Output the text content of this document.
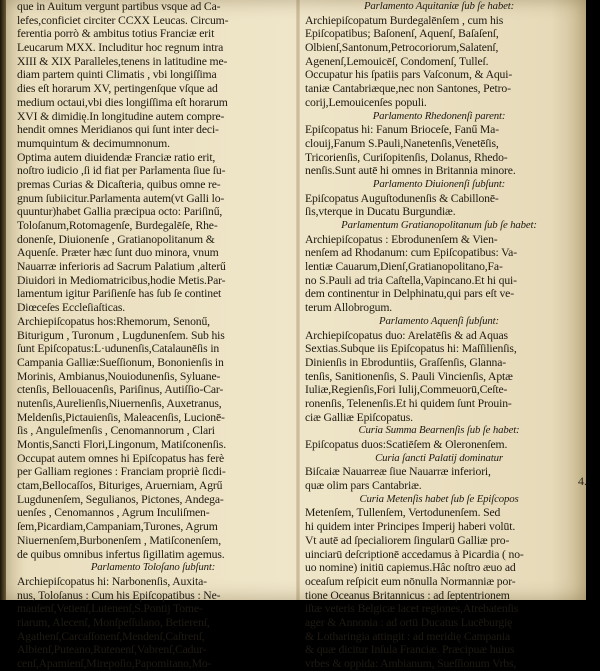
que in Auitum vergunt partibus vsque ad Ca-
lefes,conficiet circiter CCXX Leucas. Circum-
ferentia porrò & ambitus totius Franciæ erit
Leucarum MXX. Includitur hoc regnum intra
XIII & XIX Paralleles,tenens in latitudine me-
diam partem quinti Climatis , vbi longiſſima
dies eſt horarum XV, pertingenſque vſque ad
medium octaui,vbi dies longiſſima eſt horarum
XVI & dimidię.In longitudine autem compre-
hendit omnes Meridianos qui ſunt inter deci-
mumquintum & decimumnonum.
Optima autem diuidendæ Franciæ ratio erit,
noſtro iudicio ,ſi id fiat per Parlamenta ſiue ſu-
premas Curias & Dicaſteria, quibus omne re-
gnum ſubiicitur.Parlamenta autem(vt Galli lo-
quuntur)habet Gallia præcipua octo: Pariſinű,
Toloſanum,Rotomagenſe, Burdegalēſe, Rhe-
donenſe, Diuionenſe , Gratianopolitanum &
Aquenſe. Præter hæc ſunt duo minora, vnum
Nauarræ inferioris ad Sacrum Palatium ,alterű
Diuidori in Mediomatricibus,hodie Metis.Par-
lamentum igitur Pariſienſe has ſub ſe continet
Diœceſes Eccleſiaſticas.
Archiepiſcopatus hos:Rhemorum, Senonű,
Biturigum , Turonum , Lugdunenſem. Sub his
ſunt Epiſcopatus:L·udunenſis,Catalaunēſis in
Campania Galliæ:Sueſſionum, Bononienſis in
Morinis, Ambianus,Nouiodunenſis, Syluane-
ctenſis, Bellouacenſis, Pariſinus, Autiſſio-Car-
nutenſis,Aurelienſis,Niuernenſis, Auxetranus,
Meldenſis,Pictauienſis, Maleacenſis, Lucionē-
ſis , Anguleſmenſis , Cenomannorum , Clari
Montis,Sancti Flori,Lingonum, Matiſconenſis.
Occupat autem omnes hi Epiſcopatus has ferè
per Galliam regiones : Franciam propriè ſicdi-
ctam,Bellocaſſos, Bituriges, Aruerniam, Agrű
Lugdunenſem, Segulianos, Pictones, Andega-
uenſes , Cenomannos , Agrum Inculiſmen-
ſem,Picardiam,Campaniam,Turones, Agrum
Niuernenſem,Burbonenſem , Matiſconenſem,
de quibus omnibus infertus ſigillatim agemus.
Parlamento Toloſano ſubſunt:
Archiepiſcopatus hi: Narbonenſis, Auxita-
nus, Toloſanus : Cum his Epiſcopatibus : Ne-
mauſenſ,Vetienſ,Lutenenſ,S.Pontij Tome-
riarum, Alecenſ, Monſpeſſulano, Betierenſ,
Agathenſ,Carcaſſonenſ,Mendenſ,Caſtrenſ,
Albienſ,Puteano,Rutenenſ,Vabrenſ,Cadur-
cenſ,Apamienſ,Mirepoſio,Papomitano,Mo-
Parlamento Aquitaniæ ſub ſe habet:
Archiepiſcopatum Burdegalēnſem , cum his
Epiſcopatibus; Baſonenſ, Aquenſ, Baſaſenſ,
Olbienſ,Santonum,Petrocoriorum,Salatenſ,
Agenenſ,Lemouicēſ, Condomenſ, Tulleſ.
Occupatur his ſpatiis pars Vaſconum, & Aqui-
taniæ Cantabriæque,nec non Santones, Petro-
corij,Lemouicenſes populi.
Parlamento Rhedonenſi parent:
Epiſcopatus hi: Fanum Brioceſe, Fanű Ma-
clouij,Fanum S.Pauli,Nanetenſis,Venetēſis,
Tricorienſis, Curiſopitenſis, Dolanus, Rhedo-
nenſis.Sunt autē hi omnes in Britannia minore.
Parlamento Diuionenſi ſubſunt:
Epiſcopatus Auguſtodunenſis & Cabillonē-
ſis,vterque in Ducatu Burgundiæ.
Parlamentum Gratianopolitanum ſub ſe habet:
Archiepiſcopatus : Ebrodunenſem & Vien-
nenſem ad Rhodanum: cum Epiſcopatibus: Va-
lentiæ Cauarum,Dienſ,Gratianopolitano,Fa-
no S.Pauli ad tria Caſtella,Vapincano.Et hi qui-
dem continentur in Delphinatu,qui pars eſt ve-
terum Allobrogum.
Parlamento Aquenſi ſubſunt:
Archiepiſcopatus duo: Arelatēſis & ad Aquas
Sextias.Subque iis Epiſcopatus hi: Maſſilienſis,
Dinienſis in Ebroduntiis, Graſſenſis, Glanna-
tenſis, Sanitionenſis, S. Pauli Vincienſis, Aptæ
Iuliæ,Regienſis,Fori Iulij,Commeuorū,Ceſte-
ronenſis, Telenenſis.Et hi quidem ſunt Prouin-
ciæ Galliæ Epiſcopatus.
Curia Summa Bearnenſis ſub ſe habet:
Epiſcopatus duos:Scatiēſem & Oleronenſem.
Curia ſancti Palatij dominatur
Biſcaiæ Nauarreæ ſiue Nauarræ inferiori,
quæ olim pars Cantabriæ.
Curia Metenſis habet ſub ſe Epiſcopos
Metenſem, Tullenſem, Vertodunenſem. Sed
hi quidem inter Principes Imperij haberi volūt.
Vt autē ad ſpecialiorem ſingularū Galliæ pro-
uinciarū deſcriptionē accedamus à Picardia ( no-
uo nomine) initiū capiemus.Hâc noſtro æuo ad
oceaſum reſpicit eum nōnulla Normanniæ por-
tione Oceanus Britannicus : ad ſeptentrionem
iſtæ veteris Belgicæ lacet regiones,Atrebatenſis
ager & Annonia : ad ortū Ducatus Lucēburgię
& Lotharingia attingit : ad meridię Campania
& quæ dicitur Inſula Franciæ. Præcipuæ huius
vrbes & oppida: Ambianum, Sueſſionum Vrbs,
4.
